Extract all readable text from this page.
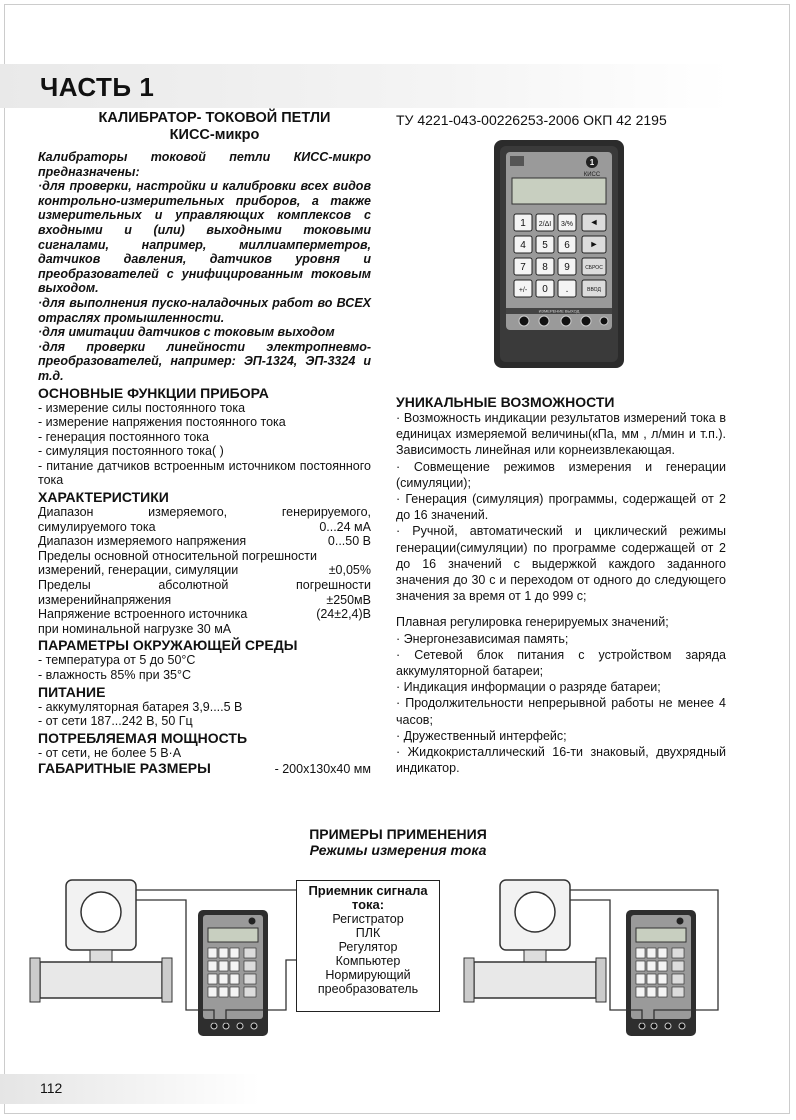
ЧАСТЬ 1
ТУ 4221-043-00226253-2006 ОКП 42 2195
КАЛИБРАТОР- ТОКОВОЙ ПЕТЛИ
КИСС-микро
Калибраторы токовой петли КИСС-микро предназначены:
·для проверки, настройки и калибровки всех видов контрольно-измерительных приборов, а также измерительных и управляющих комплексов с входными и (или) выходными токовыми сигналами, например, миллиамперметров, датчиков давления, датчиков уровня и преобразователей с унифицированным токовым выходом.
·для выполнения пуско-наладочных работ во ВСЕХ отраслях промышленности.
·для имитации датчиков с токовым выходом
·для проверки линейности электропневмо-преобразователей, например: ЭП-1324, ЭП-3324 и т.д.
ОСНОВНЫЕ ФУНКЦИИ ПРИБОРА
- измерение силы постоянного тока
- измерение напряжения постоянного тока
- генерация постоянного тока
- симуляция постоянного тока( )
- питание датчиков встроенным источником постоянного тока
ХАРАКТЕРИСТИКИ
Диапазон измеряемого, генерируемого,
симулируемого тока	0...24 мА
Диапазон измеряемого напряжения	0...50 В
Пределы основной относительной погрешности
измерений, генерации, симуляции	±0,05%
Пределы абсолютной погрешности
измеренийнапряжения	±250мВ
Напряжение встроенного источника	(24±2,4)В
при номинальной нагрузке 30 мА
ПАРАМЕТРЫ ОКРУЖАЮЩЕЙ СРЕДЫ
- температура от 5 до 50°С
- влажность 85% при 35°С
ПИТАНИЕ
- аккумуляторная батарея 3,9....5 В
- от сети 187...242 В, 50 Гц
ПОТРЕБЛЯЕМАЯ МОЩНОСТЬ
- от сети, не более 5 В·А
ГАБАРИТНЫЕ РАЗМЕРЫ	- 200х130х40 мм
1
КИСС
1 2/ΔI 3/%
4 5 6
7 8 9
+/- 0 .
◄
►
СБРОС
ВВОД
ИЗМЕРЕНИЕ ВЫХОД
УНИКАЛЬНЫЕ ВОЗМОЖНОСТИ

· Возможность индикации результатов измерений тока в единицах измеряемой величины(кПа, мм , л/мин и т.п.). Зависимость линейная или корнеизвлекающая.

· Совмещение режимов измерения и генерации (симуляции);

· Генерация (симуляция) программы, содержащей от 2 до 16 значений.

· Ручной, автоматический и циклический режимы генерации(симуляции) по программе содержащей от 2 до 16 значений с выдержкой каждого заданного значения до 30 с и переходом от одного до следующего значения за время от 1 до 999 с;

Плавная регулировка генерируемых значений;

· Энергонезависимая память;

· Сетевой блок питания с устройством заряда аккумуляторной батареи;

· Индикация информации о разряде батареи;

· Продолжительности непрерывной работы не менее 4 часов;

· Дружественный интерфейс;

· Жидкокристаллический 16-ти знаковый, двухрядный индикатор.

ПРИМЕРЫ ПРИМЕНЕНИЯ
Режимы измерения тока
Приемник сигнала тока:
Регистратор
ПЛК
Регулятор
Компьютер
Нормирующий
преобразователь
112
